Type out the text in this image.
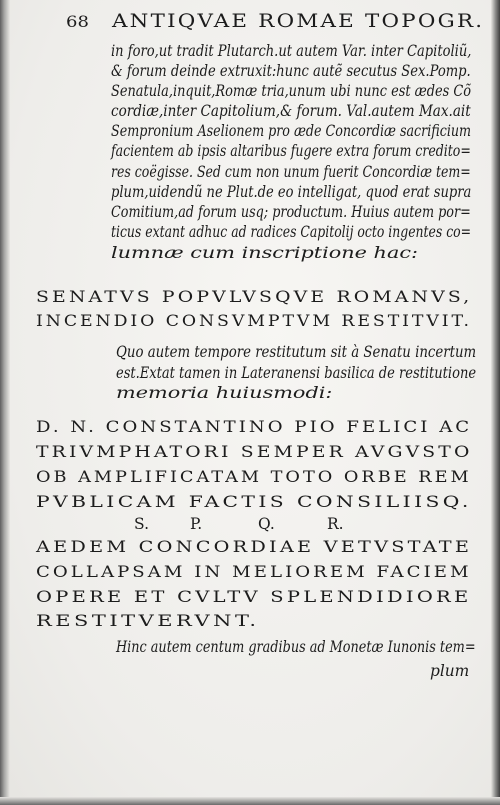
68 ANTIQVAE ROMAE TOPOGR.
in foro,ut tradit Plutarch.ut autem Var. inter Capitoliũ,
& forum deinde extruxit:hunc autẽ secutus Sex.Pomp.
Senatula,inquit,Romæ tria,unum ubi nunc est ædes Cõ
cordiæ,inter Capitolium,& forum. Val.autem Max.ait
Sempronium Aselionem pro æde Concordiæ sacrificium
facientem ab ipsis altaribus fugere extra forum credito=
res coëgisse. Sed cum non unum fuerit Concordiæ tem=
plum,uidendũ ne Plut.de eo intelligat, quod erat supra
Comitium,ad forum usq; productum. Huius autem por=
ticus extant adhuc ad radices Capitolij octo ingentes co=
lumnæ cum inscriptione hac:
SENATVS POPVLVSQVE ROMANVS,
INCENDIO CONSVMPTVM RESTITVIT.
Quo autem tempore restitutum sit à Senatu incertum
est.Extat tamen in Lateranensi basilica de restitutione
memoria huiusmodi:
D. N. CONSTANTINO PIO FELICI AC
TRIVMPHATORI SEMPER AVGVSTO
OB AMPLIFICATAM TOTO ORBE REM
PVBLICAM FACTIS CONSILIISQ.
S.	P.	Q.	R.
AEDEM CONCORDIAE VETVSTATE
COLLAPSAM IN MELIOREM FACIEM
OPERE ET CVLTV SPLENDIDIORE
RESTITVERVNT.
Hinc autem centum gradibus ad Monetæ Iunonis tem=
plum
